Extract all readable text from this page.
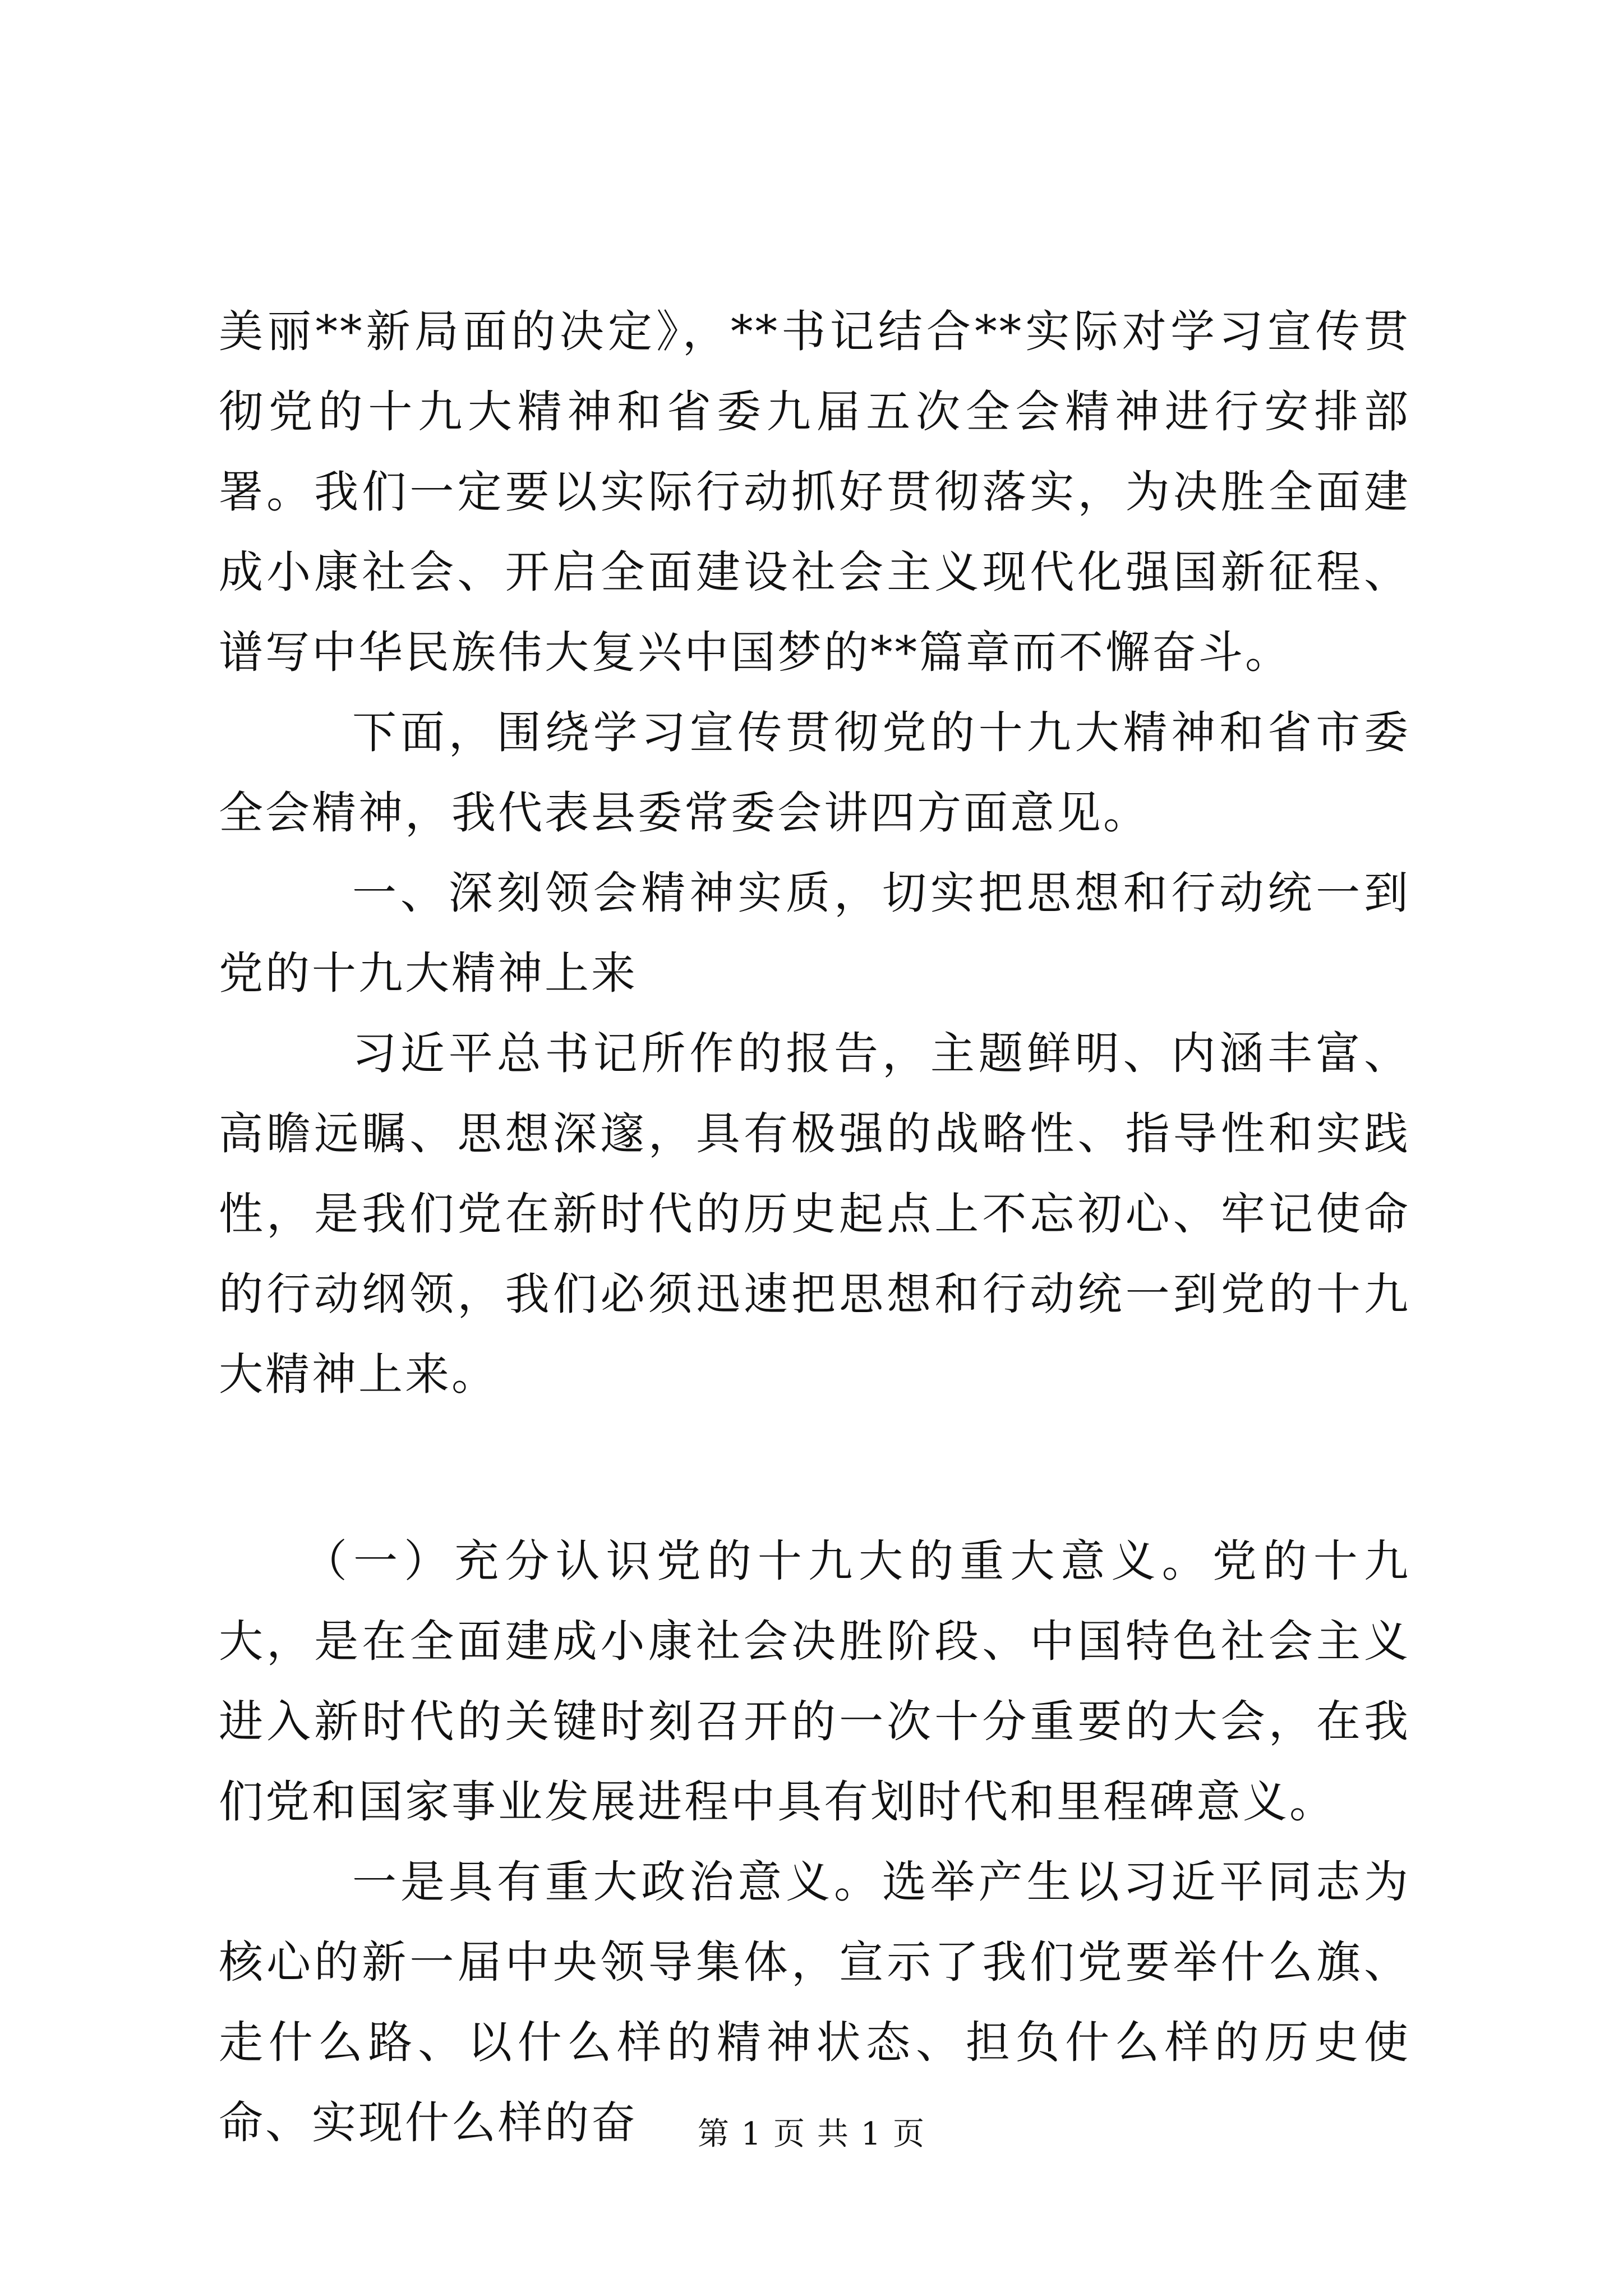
美丽**新局面的决定》，**书记结合**实际对学习宣传贯彻党的十九大精神和省委九届五次全会精神进行安排部署。我们一定要以实际行动抓好贯彻落实，为决胜全面建成小康社会、开启全面建设社会主义现代化强国新征程、谱写中华民族伟大复兴中国梦的**篇章而不懈奋斗。

下面，围绕学习宣传贯彻党的十九大精神和省市委全会精神，我代表县委常委会讲四方面意见。

一、深刻领会精神实质，切实把思想和行动统一到党的十九大精神上来

习近平总书记所作的报告，主题鲜明、内涵丰富、高瞻远瞩、思想深邃，具有极强的战略性、指导性和实践性，是我们党在新时代的历史起点上不忘初心、牢记使命的行动纲领，我们必须迅速把思想和行动统一到党的十九大精神上来。

（一）充分认识党的十九大的重大意义。党的十九大，是在全面建成小康社会决胜阶段、中国特色社会主义进入新时代的关键时刻召开的一次十分重要的大会，在我们党和国家事业发展进程中具有划时代和里程碑意义。

一是具有重大政治意义。选举产生以习近平同志为核心的新一届中央领导集体，宣示了我们党要举什么旗、走什么路、以什么样的精神状态、担负什么样的历史使命、实现什么样的奋	第 1 页 共 1 页
